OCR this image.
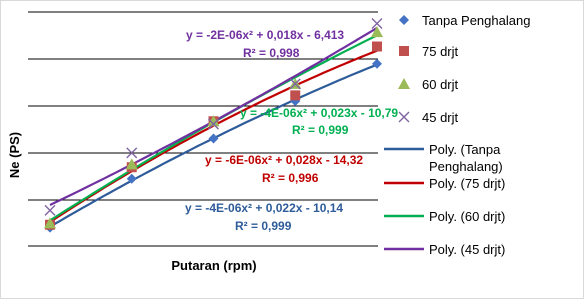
y = -4E-06x² + 0,022x - 10,14
R² = 0,999
y = -6E-06x² + 0,028x - 14,32
R² = 0,996
y = -4E-06x² + 0,023x - 10,79
R² = 0,999
y = -2E-06x² + 0,018x - 6,413
R² = 0,998
Ne (PS)
Putaran (rpm)
Tanpa Penghalang
75 drjt
60 drjt
45 drjt
Poly. (Tanpa Penghalang)
Poly. (75 drjt)
Poly. (60 drjt)
Poly. (45 drjt)
